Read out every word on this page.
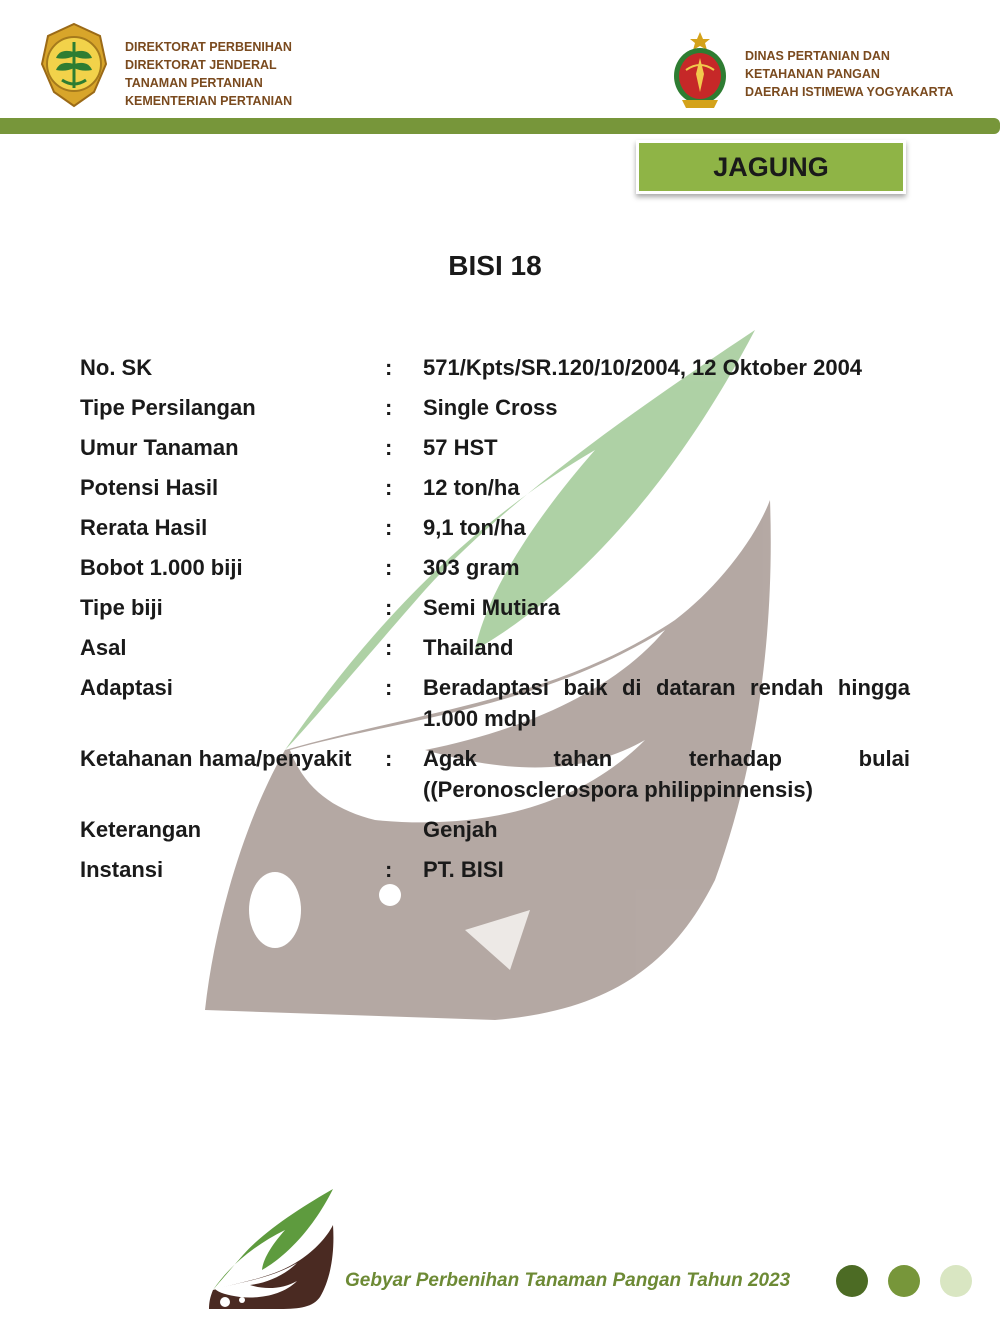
DIREKTORAT PERBENIHAN
DIREKTORAT JENDERAL
TANAMAN PERTANIAN
KEMENTERIAN PERTANIAN
DINAS PERTANIAN DAN
KETAHANAN PANGAN
DAERAH ISTIMEWA YOGYAKARTA
JAGUNG
BISI 18
No. SK	:	571/Kpts/SR.120/10/2004, 12 Oktober 2004
Tipe Persilangan	:	Single Cross
Umur Tanaman	:	57 HST
Potensi Hasil	:	12 ton/ha
Rerata Hasil	:	9,1 ton/ha
Bobot 1.000 biji	:	303 gram
Tipe biji	:	Semi Mutiara
Asal	:	Thailand
Adaptasi	:	Beradaptasi baik di dataran rendah hingga 1.000 mdpl
Ketahanan hama/penyakit	:	Agak tahan terhadap bulai ((Peronosclerospora philippinnensis)
Keterangan	Genjah
Instansi	:	PT. BISI
Gebyar Perbenihan Tanaman Pangan Tahun 2023
